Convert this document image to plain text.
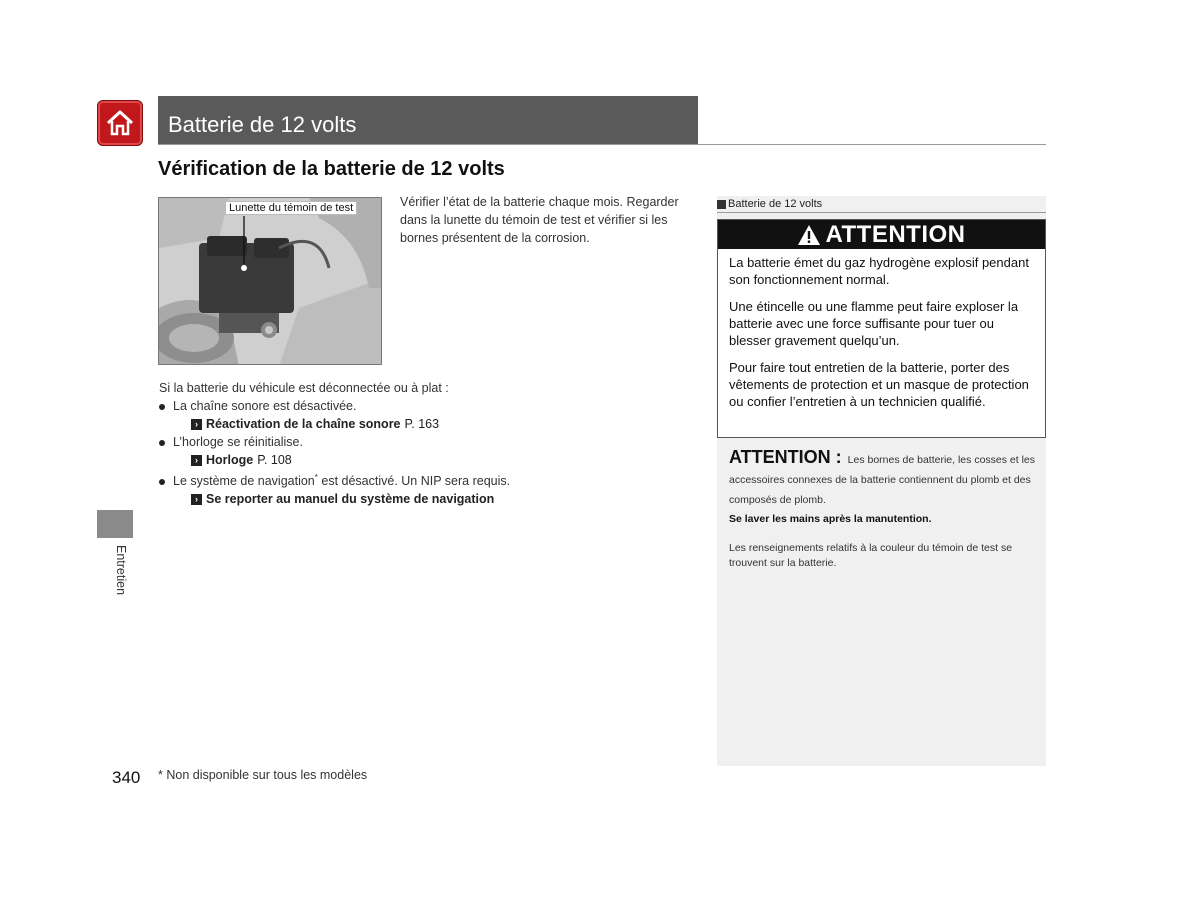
Batterie de 12 volts
Vérification de la batterie de 12 volts
Lunette du témoin de test	Vérifier l’état de la batterie chaque mois. Regarder dans la lunette du témoin de test et vérifier si les bornes présentent de la corrosion.
Si la batterie du véhicule est déconnectée ou à plat :
La chaîne sonore est désactivée.
› Réactivation de la chaîne sonore P. 163
L’horloge se réinitialise.
› Horloge P. 108
Le système de navigation* est désactivé. Un NIP sera requis.
› Se reporter au manuel du système de navigation
Entretien
340 * Non disponible sur tous les modèles
Batterie de 12 volts
ATTENTION
La batterie émet du gaz hydrogène explosif pendant son fonctionnement normal.
Une étincelle ou une flamme peut faire exploser la batterie avec une force suffisante pour tuer ou blesser gravement quelqu’un.
Pour faire tout entretien de la batterie, porter des vêtements de protection et un masque de protection ou confier l’entretien à un technicien qualifié.
ATTENTION : Les bornes de batterie, les cosses et les accessoires connexes de la batterie contiennent du plomb et des composés de plomb.
Se laver les mains après la manutention.
Les renseignements relatifs à la couleur du témoin de test se trouvent sur la batterie.
